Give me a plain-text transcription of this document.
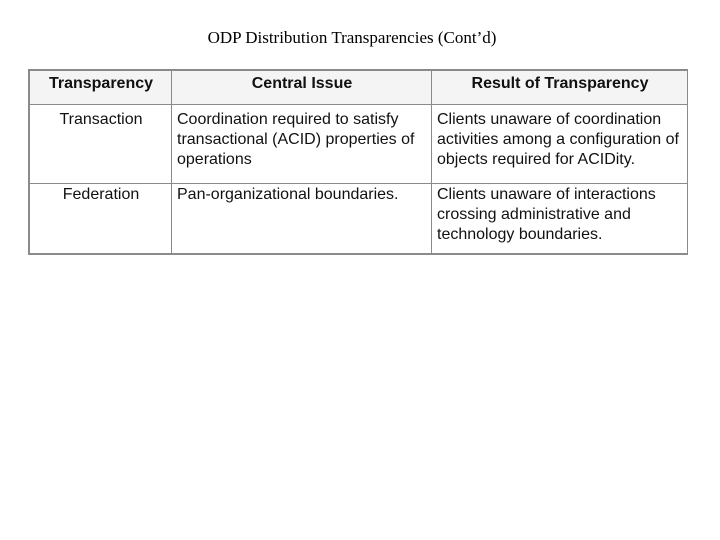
ODP Distribution Transparencies (Cont’d)
Transparency	Central Issue	Result of Transparency
Transaction	Coordination required to satisfy transactional (ACID) properties of operations	Clients unaware of coordination activities among a configuration of objects required for ACIDity.
Federation	Pan-organizational boundaries.	Clients unaware of interactions crossing administrative and technology boundaries.
